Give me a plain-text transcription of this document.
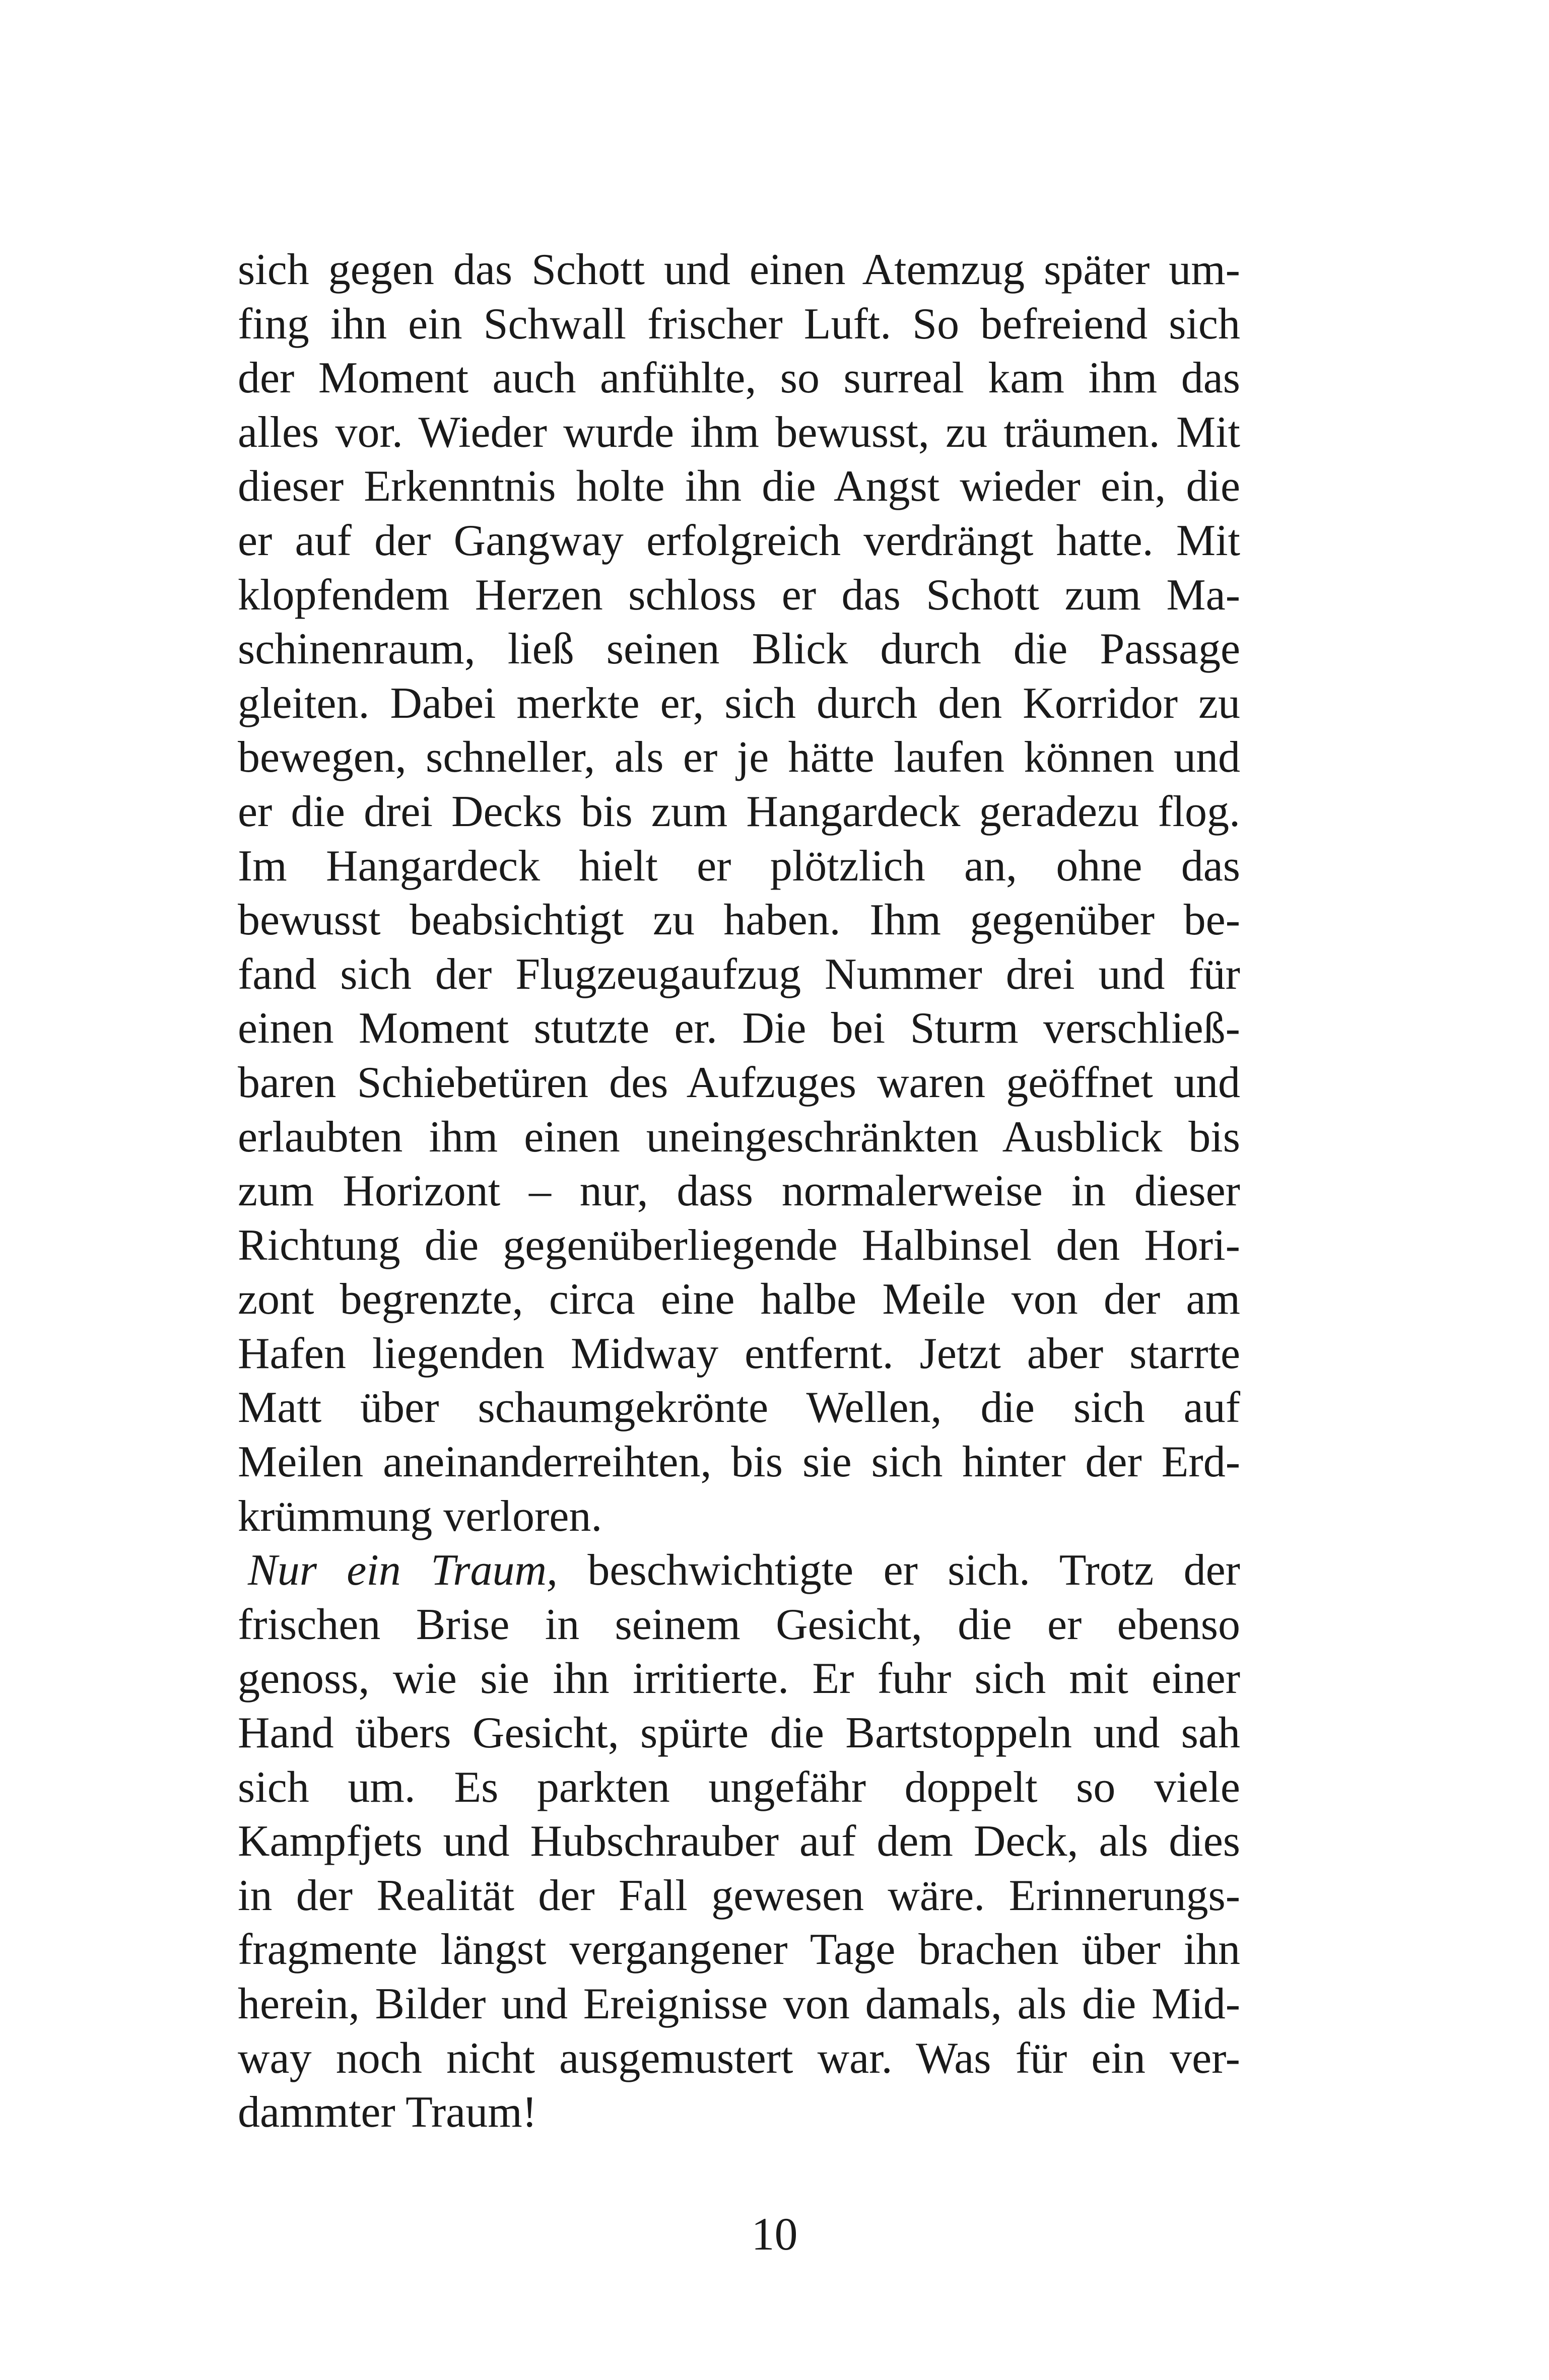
sich gegen das Schott und einen Atemzug später um-
fing ihn ein Schwall frischer Luft. So befreiend sich
der Moment auch anfühlte, so surreal kam ihm das
alles vor. Wieder wurde ihm bewusst, zu träumen. Mit
dieser Erkenntnis holte ihn die Angst wieder ein, die
er auf der Gangway erfolgreich verdrängt hatte. Mit
klopfendem Herzen schloss er das Schott zum Ma-
schinenraum, ließ seinen Blick durch die Passage
gleiten. Dabei merkte er, sich durch den Korridor zu
bewegen, schneller, als er je hätte laufen können und
er die drei Decks bis zum Hangardeck geradezu flog.
Im Hangardeck hielt er plötzlich an, ohne das
bewusst beabsichtigt zu haben. Ihm gegenüber be-
fand sich der Flugzeugaufzug Nummer drei und für
einen Moment stutzte er. Die bei Sturm verschließ-
baren Schiebetüren des Aufzuges waren geöffnet und
erlaubten ihm einen uneingeschränkten Ausblick bis
zum Horizont – nur, dass normalerweise in dieser
Richtung die gegenüberliegende Halbinsel den Hori-
zont begrenzte, circa eine halbe Meile von der am
Hafen liegenden Midway entfernt. Jetzt aber starrte
Matt über schaumgekrönte Wellen, die sich auf
Meilen aneinanderreihten, bis sie sich hinter der Erd-
krümmung verloren.
Nur ein Traum, beschwichtigte er sich. Trotz der
frischen Brise in seinem Gesicht, die er ebenso
genoss, wie sie ihn irritierte. Er fuhr sich mit einer
Hand übers Gesicht, spürte die Bartstoppeln und sah
sich um. Es parkten ungefähr doppelt so viele
Kampfjets und Hubschrauber auf dem Deck, als dies
in der Realität der Fall gewesen wäre. Erinnerungs-
fragmente längst vergangener Tage brachen über ihn
herein, Bilder und Ereignisse von damals, als die Mid-
way noch nicht ausgemustert war. Was für ein ver-
dammter Traum!
10
